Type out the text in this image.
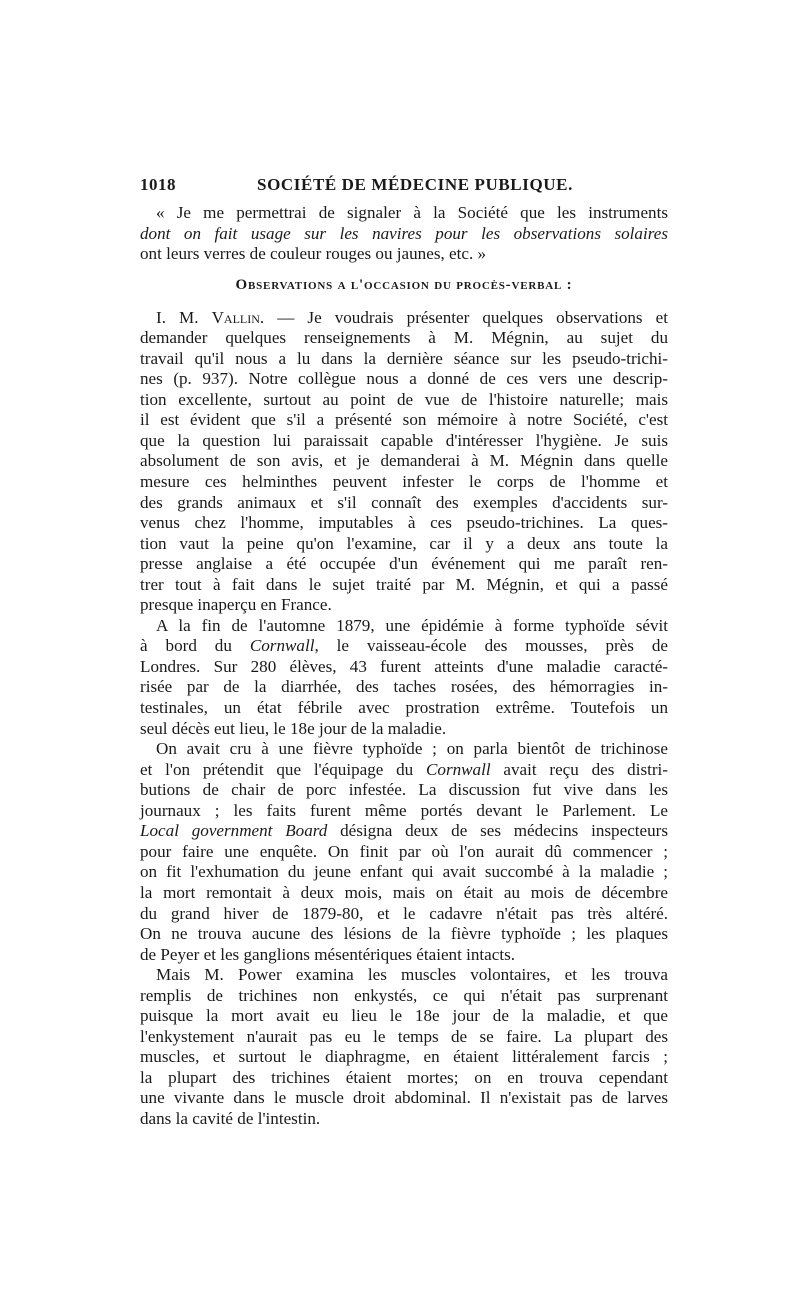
1018	SOCIÉTÉ DE MÉDECINE PUBLIQUE.
« Je me permettrai de signaler à la Société que les instruments
dont on fait usage sur les navires pour les observations solaires
ont leurs verres de couleur rouges ou jaunes, etc. »
Observations a l'occasion du procès-verbal :
I. M. Vallin. — Je voudrais présenter quelques observations et
demander quelques renseignements à M. Mégnin, au sujet du
travail qu'il nous a lu dans la dernière séance sur les pseudo-trichi-
nes (p. 937). Notre collègue nous a donné de ces vers une descrip-
tion excellente, surtout au point de vue de l'histoire naturelle; mais
il est évident que s'il a présenté son mémoire à notre Société, c'est
que la question lui paraissait capable d'intéresser l'hygiène. Je suis
absolument de son avis, et je demanderai à M. Mégnin dans quelle
mesure ces helminthes peuvent infester le corps de l'homme et
des grands animaux et s'il connaît des exemples d'accidents sur-
venus chez l'homme, imputables à ces pseudo-trichines. La ques-
tion vaut la peine qu'on l'examine, car il y a deux ans toute la
presse anglaise a été occupée d'un événement qui me paraît ren-
trer tout à fait dans le sujet traité par M. Mégnin, et qui a passé
presque inaperçu en France.
A la fin de l'automne 1879, une épidémie à forme typhoïde sévit
à bord du Cornwall, le vaisseau-école des mousses, près de
Londres. Sur 280 élèves, 43 furent atteints d'une maladie caracté-
risée par de la diarrhée, des taches rosées, des hémorragies in-
testinales, un état fébrile avec prostration extrême. Toutefois un
seul décès eut lieu, le 18e jour de la maladie.
On avait cru à une fièvre typhoïde ; on parla bientôt de trichinose
et l'on prétendit que l'équipage du Cornwall avait reçu des distri-
butions de chair de porc infestée. La discussion fut vive dans les
journaux ; les faits furent même portés devant le Parlement. Le
Local government Board désigna deux de ses médecins inspecteurs
pour faire une enquête. On finit par où l'on aurait dû commencer ;
on fit l'exhumation du jeune enfant qui avait succombé à la maladie ;
la mort remontait à deux mois, mais on était au mois de décembre
du grand hiver de 1879-80, et le cadavre n'était pas très altéré.
On ne trouva aucune des lésions de la fièvre typhoïde ; les plaques
de Peyer et les ganglions mésentériques étaient intacts.
Mais M. Power examina les muscles volontaires, et les trouva
remplis de trichines non enkystés, ce qui n'était pas surprenant
puisque la mort avait eu lieu le 18e jour de la maladie, et que
l'enkystement n'aurait pas eu le temps de se faire. La plupart des
muscles, et surtout le diaphragme, en étaient littéralement farcis ;
la plupart des trichines étaient mortes; on en trouva cependant
une vivante dans le muscle droit abdominal. Il n'existait pas de larves
dans la cavité de l'intestin.
